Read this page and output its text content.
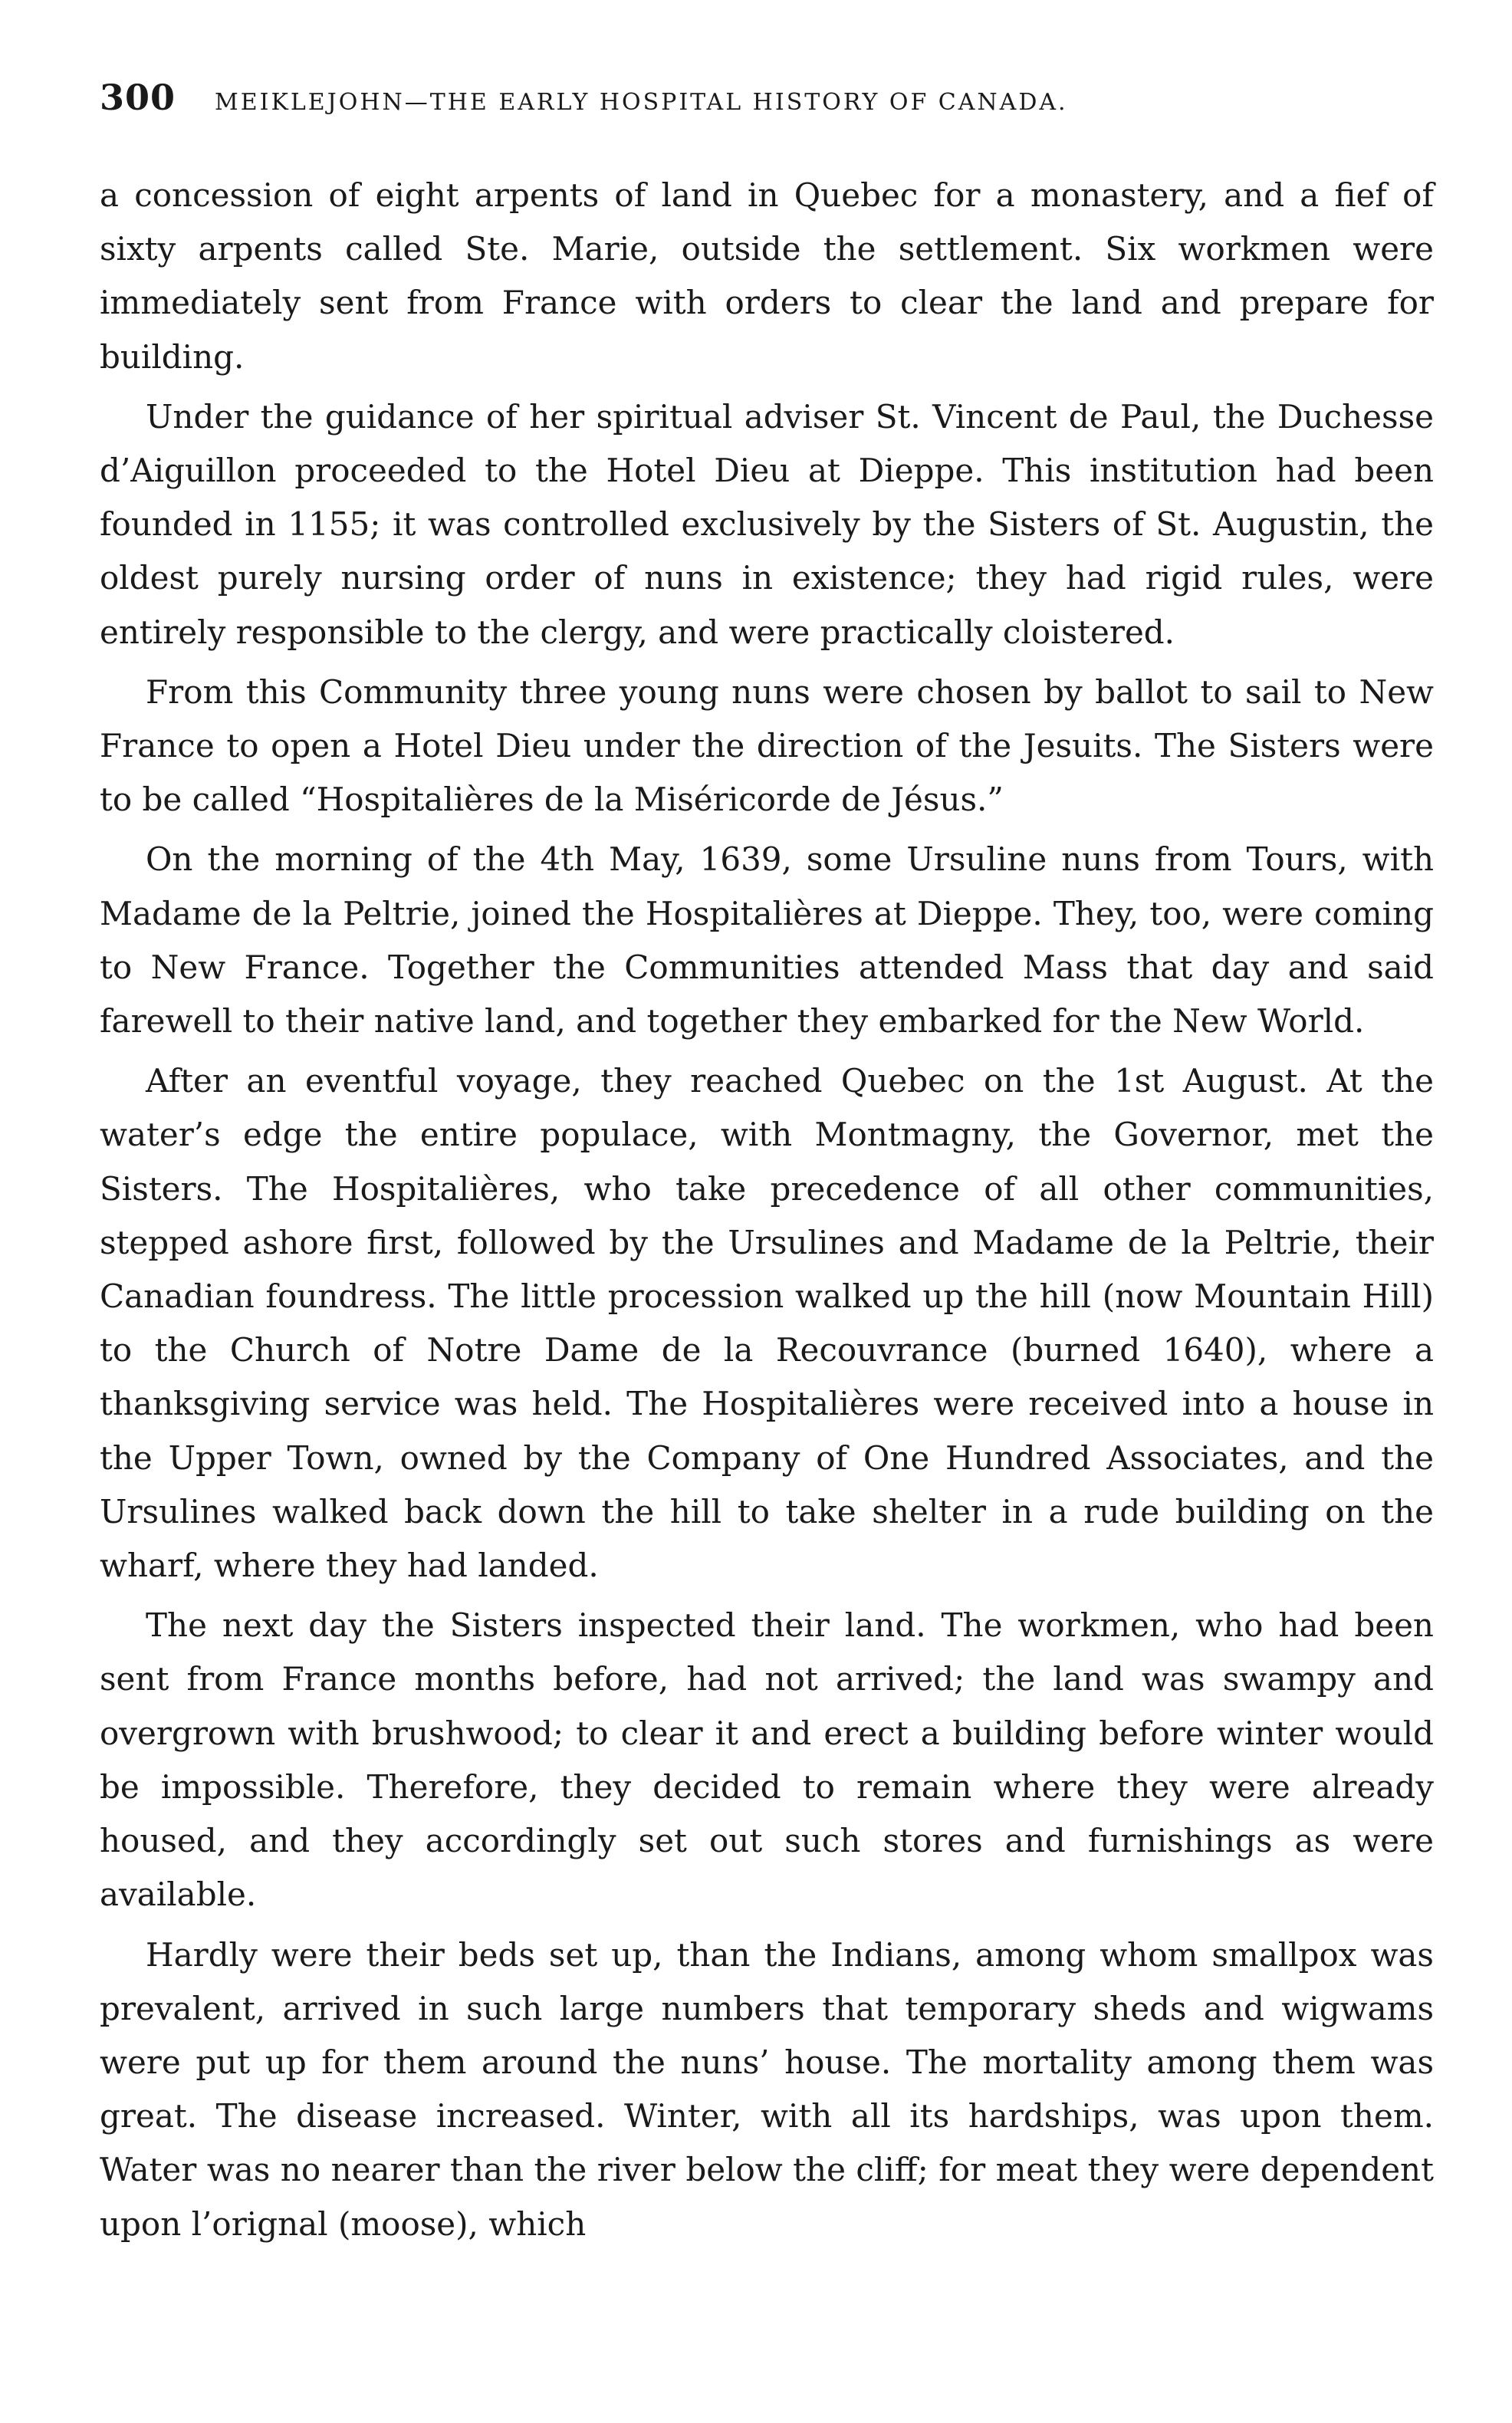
300	MEIKLEJOHN—THE EARLY HOSPITAL HISTORY OF CANADA.

a concession of eight arpents of land in Quebec for a monastery, and a fief of sixty arpents called Ste. Marie, outside the settlement. Six workmen were immediately sent from France with orders to clear the land and prepare for building.

Under the guidance of her spiritual adviser St. Vincent de Paul, the Duchesse d’Aiguillon proceeded to the Hotel Dieu at Dieppe. This institution had been founded in 1155; it was controlled exclusively by the Sisters of St. Augustin, the oldest purely nursing order of nuns in existence; they had rigid rules, were entirely responsible to the clergy, and were practically cloistered.

From this Community three young nuns were chosen by ballot to sail to New France to open a Hotel Dieu under the direction of the Jesuits. The Sisters were to be called “Hospitalières de la Miséricorde de Jésus.”

On the morning of the 4th May, 1639, some Ursuline nuns from Tours, with Madame de la Peltrie, joined the Hospitalières at Dieppe. They, too, were coming to New France. Together the Communities attended Mass that day and said farewell to their native land, and together they embarked for the New World.

After an eventful voyage, they reached Quebec on the 1st August. At the water’s edge the entire populace, with Montmagny, the Governor, met the Sisters. The Hospitalières, who take precedence of all other communities, stepped ashore first, followed by the Ursulines and Madame de la Peltrie, their Canadian foundress. The little procession walked up the hill (now Mountain Hill) to the Church of Notre Dame de la Recouvrance (burned 1640), where a thanksgiving service was held. The Hospitalières were received into a house in the Upper Town, owned by the Company of One Hundred Associates, and the Ursulines walked back down the hill to take shelter in a rude building on the wharf, where they had landed.

The next day the Sisters inspected their land. The workmen, who had been sent from France months before, had not arrived; the land was swampy and overgrown with brushwood; to clear it and erect a building before winter would be impossible. Therefore, they decided to remain where they were already housed, and they accordingly set out such stores and furnishings as were available.

Hardly were their beds set up, than the Indians, among whom smallpox was prevalent, arrived in such large numbers that temporary sheds and wigwams were put up for them around the nuns’ house. The mortality among them was great. The disease increased. Winter, with all its hardships, was upon them. Water was no nearer than the river below the cliff; for meat they were dependent upon l’orignal (moose), which
